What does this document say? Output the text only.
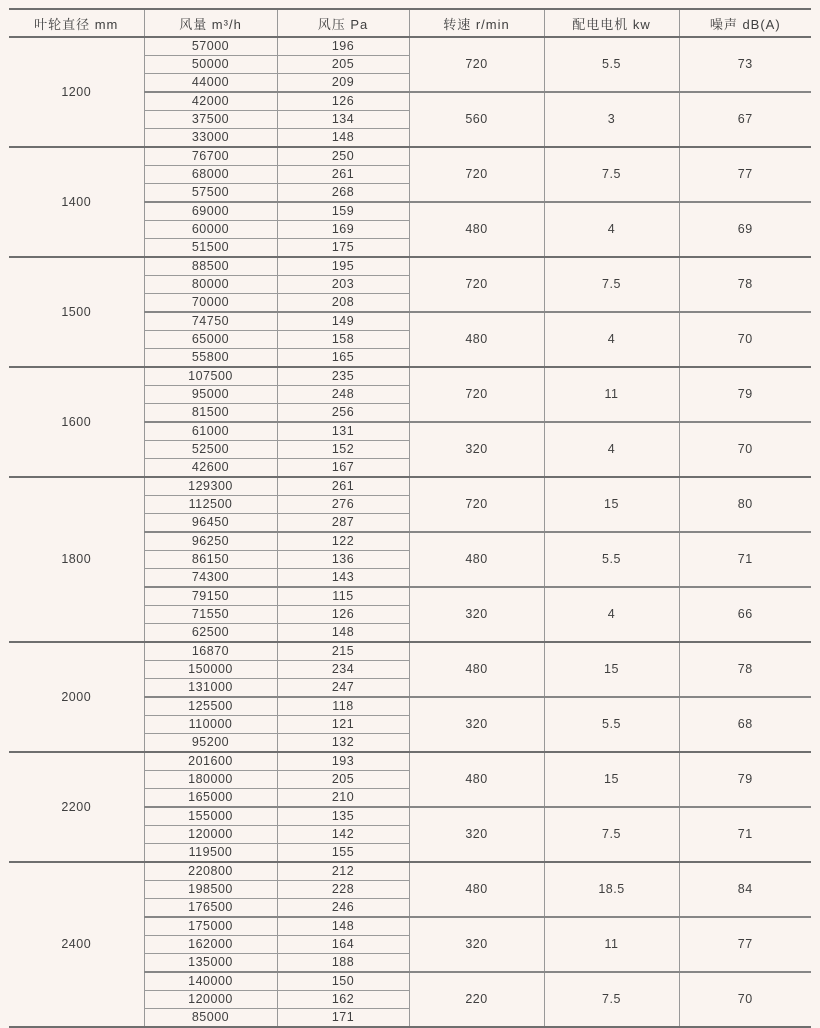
叶轮直径 mm	风量 m³/h	风压 Pa	转速 r/min	配电电机 kw	噪声 dB(A)
1200	57000	196	720	5.5	73
	50000	205			
	44000	209			
	42000	126	560	3	67
	37500	134			
	33000	148			
1400	76700	250	720	7.5	77
	68000	261			
	57500	268			
	69000	159	480	4	69
	60000	169			
	51500	175			
1500	88500	195	720	7.5	78
	80000	203			
	70000	208			
	74750	149	480	4	70
	65000	158			
	55800	165			
1600	107500	235	720	11	79
	95000	248			
	81500	256			
	61000	131	320	4	70
	52500	152			
	42600	167			
1800	129300	261	720	15	80
	112500	276			
	96450	287			
	96250	122	480	5.5	71
	86150	136			
	74300	143			
	79150	115	320	4	66
	71550	126			
	62500	148			
2000	16870	215	480	15	78
	150000	234			
	131000	247			
	125500	118	320	5.5	68
	110000	121			
	95200	132			
2200	201600	193	480	15	79
	180000	205			
	165000	210			
	155000	135	320	7.5	71
	120000	142			
	119500	155			
2400	220800	212	480	18.5	84
	198500	228			
	176500	246			
	175000	148	320	11	77
	162000	164			
	135000	188			
	140000	150	220	7.5	70
	120000	162			
	85000	171			
